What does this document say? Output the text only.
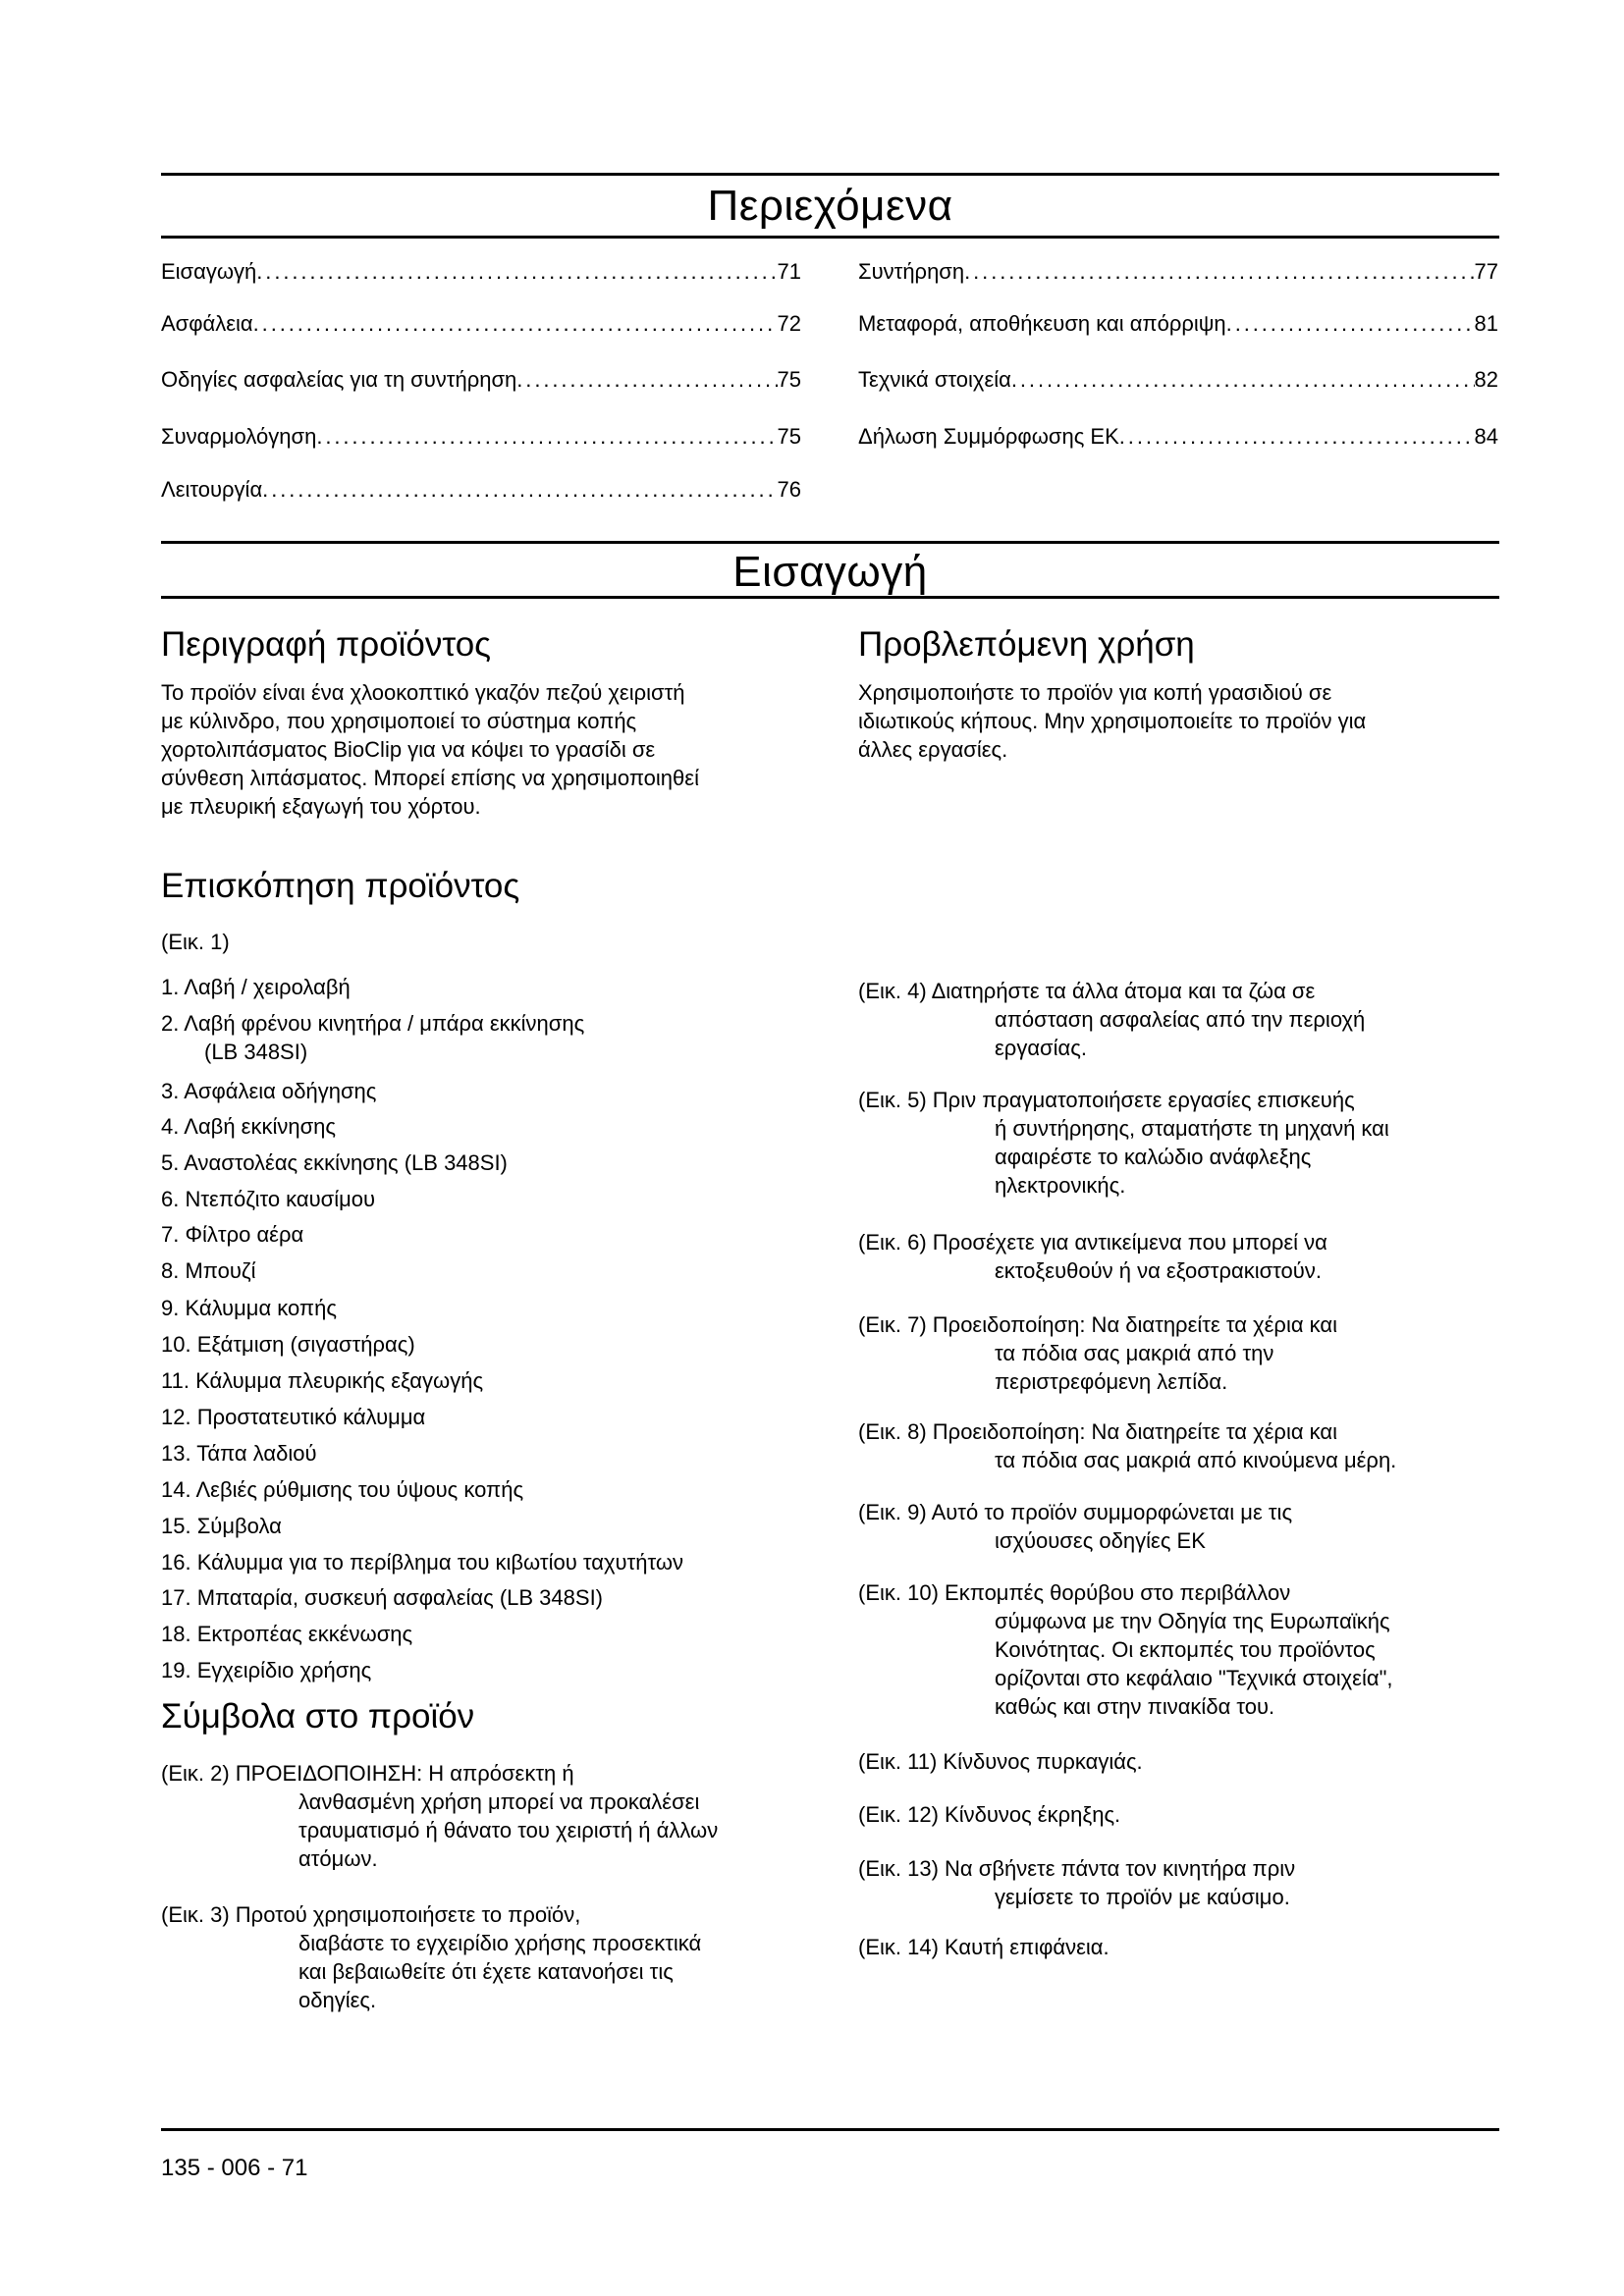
Περιεχόμενα
Εισαγωγή . . .	71
Ασφάλεια . . .	72
Οδηγίες ασφαλείας για τη συντήρηση . . .	75
Συναρμολόγηση . . .	75
Λειτουργία . . .	76
Συντήρηση . . .	77
Μεταφορά, αποθήκευση και απόρριψη . . .	81
Τεχνικά στοιχεία . . .	82
Δήλωση Συμμόρφωσης ΕΚ . . .	84
Εισαγωγή
Περιγραφή προϊόντος
Το προϊόν είναι ένα χλοοκοπτικό γκαζόν πεζού χειριστή
με κύλινδρο, που χρησιμοποιεί το σύστημα κοπής
χορτολιπάσματος BioClip για να κόψει το γρασίδι σε
σύνθεση λιπάσματος. Μπορεί επίσης να χρησιμοποιηθεί
με πλευρική εξαγωγή του χόρτου.
Προβλεπόμενη χρήση
Χρησιμοποιήστε το προϊόν για κοπή γρασιδιού σε
ιδιωτικούς κήπους. Μην χρησιμοποιείτε το προϊόν για
άλλες εργασίες.
Επισκόπηση προϊόντος
(Εικ. 1)
1. Λαβή / χειρολαβή
2. Λαβή φρένου κινητήρα / μπάρα εκκίνησης
(LB 348SI)
3. Ασφάλεια οδήγησης
4. Λαβή εκκίνησης
5. Αναστολέας εκκίνησης (LB 348SI)
6. Ντεπόζιτο καυσίμου
7. Φίλτρο αέρα
8. Μπουζί
9. Κάλυμμα κοπής
10. Εξάτμιση (σιγαστήρας)
11. Κάλυμμα πλευρικής εξαγωγής
12. Προστατευτικό κάλυμμα
13. Τάπα λαδιού
14. Λεβιές ρύθμισης του ύψους κοπής
15. Σύμβολα
16. Κάλυμμα για το περίβλημα του κιβωτίου ταχυτήτων
17. Μπαταρία, συσκευή ασφαλείας (LB 348SI)
18. Εκτροπέας εκκένωσης
19. Εγχειρίδιο χρήσης
Σύμβολα στο προϊόν
(Εικ. 2) ΠΡΟΕΙΔΟΠΟΙΗΣΗ: Η απρόσεκτη ή
λανθασμένη χρήση μπορεί να προκαλέσει
τραυματισμό ή θάνατο του χειριστή ή άλλων
ατόμων.
(Εικ. 3) Προτού χρησιμοποιήσετε το προϊόν,
διαβάστε το εγχειρίδιο χρήσης προσεκτικά
και βεβαιωθείτε ότι έχετε κατανοήσει τις
οδηγίες.
(Εικ. 4) Διατηρήστε τα άλλα άτομα και τα ζώα σε
απόσταση ασφαλείας από την περιοχή
εργασίας.
(Εικ. 5) Πριν πραγματοποιήσετε εργασίες επισκευής
ή συντήρησης, σταματήστε τη μηχανή και
αφαιρέστε το καλώδιο ανάφλεξης
ηλεκτρονικής.
(Εικ. 6) Προσέχετε για αντικείμενα που μπορεί να
εκτοξευθούν ή να εξοστρακιστούν.
(Εικ. 7) Προειδοποίηση: Να διατηρείτε τα χέρια και
τα πόδια σας μακριά από την
περιστρεφόμενη λεπίδα.
(Εικ. 8) Προειδοποίηση: Να διατηρείτε τα χέρια και
τα πόδια σας μακριά από κινούμενα μέρη.
(Εικ. 9) Αυτό το προϊόν συμμορφώνεται με τις
ισχύουσες οδηγίες ΕΚ
(Εικ. 10) Εκπομπές θορύβου στο περιβάλλον
σύμφωνα με την Οδηγία της Ευρωπαϊκής
Κοινότητας. Οι εκπομπές του προϊόντος
ορίζονται στο κεφάλαιο "Τεχνικά στοιχεία",
καθώς και στην πινακίδα του.
(Εικ. 11) Κίνδυνος πυρκαγιάς.
(Εικ. 12) Κίνδυνος έκρηξης.
(Εικ. 13) Να σβήνετε πάντα τον κινητήρα πριν
γεμίσετε το προϊόν με καύσιμο.
(Εικ. 14) Καυτή επιφάνεια.
135 - 006 - 71
